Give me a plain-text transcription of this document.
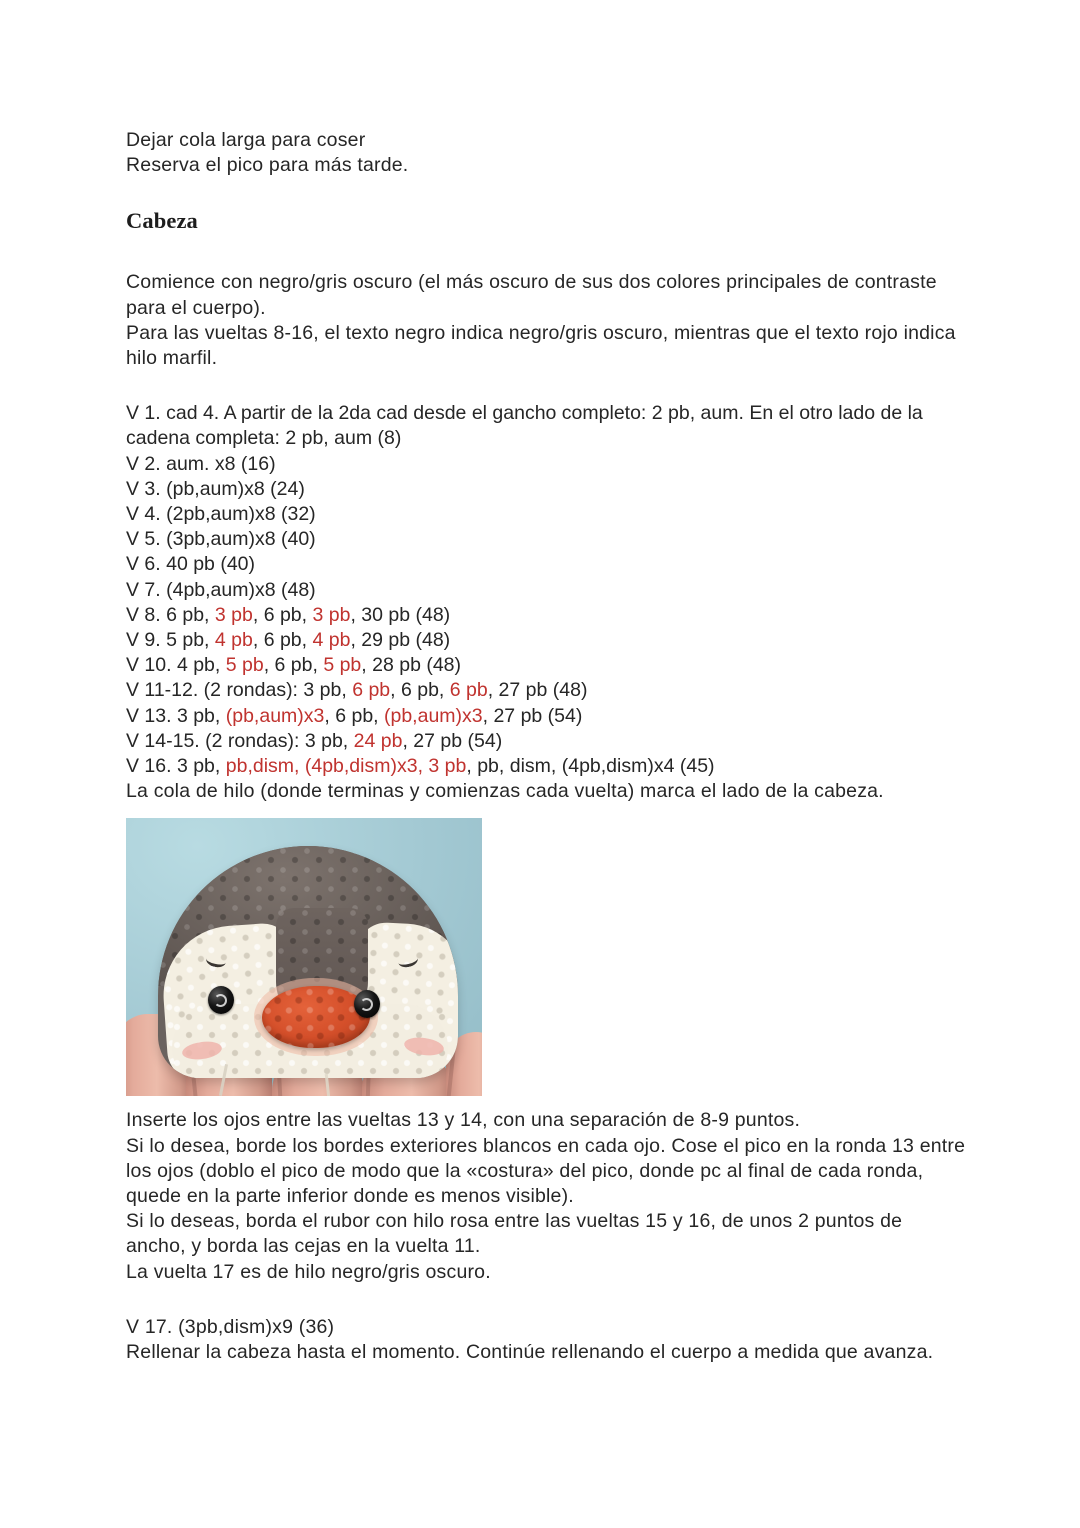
Dejar cola larga para coser
Reserva el pico para más tarde.
Cabeza
Comience con negro/gris oscuro (el más oscuro de sus dos colores principales de contraste para el cuerpo).
Para las vueltas 8-16, el texto negro indica negro/gris oscuro, mientras que el texto rojo indica hilo marfil.
V 1. cad 4. A partir de la 2da cad desde el gancho completo: 2 pb, aum. En el otro lado de la cadena completa: 2 pb, aum (8)
V 2. aum. x8 (16)
V 3. (pb,aum)x8 (24)
V 4. (2pb,aum)x8 (32)
V 5. (3pb,aum)x8 (40)
V 6. 40 pb (40)
V 7. (4pb,aum)x8 (48)
V 8. 6 pb, 3 pb, 6 pb, 3 pb, 30 pb (48)
V 9. 5 pb, 4 pb, 6 pb, 4 pb, 29 pb (48)
V 10. 4 pb, 5 pb, 6 pb, 5 pb, 28 pb (48)
V 11-12. (2 rondas): 3 pb, 6 pb, 6 pb, 6 pb, 27 pb (48)
V 13. 3 pb, (pb,aum)x3, 6 pb, (pb,aum)x3, 27 pb (54)
V 14-15. (2 rondas): 3 pb, 24 pb, 27 pb (54)
V 16. 3 pb, pb,dism, (4pb,dism)x3, 3 pb, pb, dism, (4pb,dism)x4 (45)
La cola de hilo (donde terminas y comienzas cada vuelta) marca el lado de la cabeza.
Inserte los ojos entre las vueltas 13 y 14, con una separación de 8-9 puntos.
Si lo desea, borde los bordes exteriores blancos en cada ojo. Cose el pico en la ronda 13 entre los ojos (doblo el pico de modo que la «costura» del pico, donde pc al final de cada ronda, quede en la parte inferior donde es menos visible).
Si lo deseas, borda el rubor con hilo rosa entre las vueltas 15 y 16, de unos 2 puntos de ancho, y borda las cejas en la vuelta 11.
La vuelta 17 es de hilo negro/gris oscuro.
V 17. (3pb,dism)x9 (36)
Rellenar la cabeza hasta el momento. Continúe rellenando el cuerpo a medida que avanza.
